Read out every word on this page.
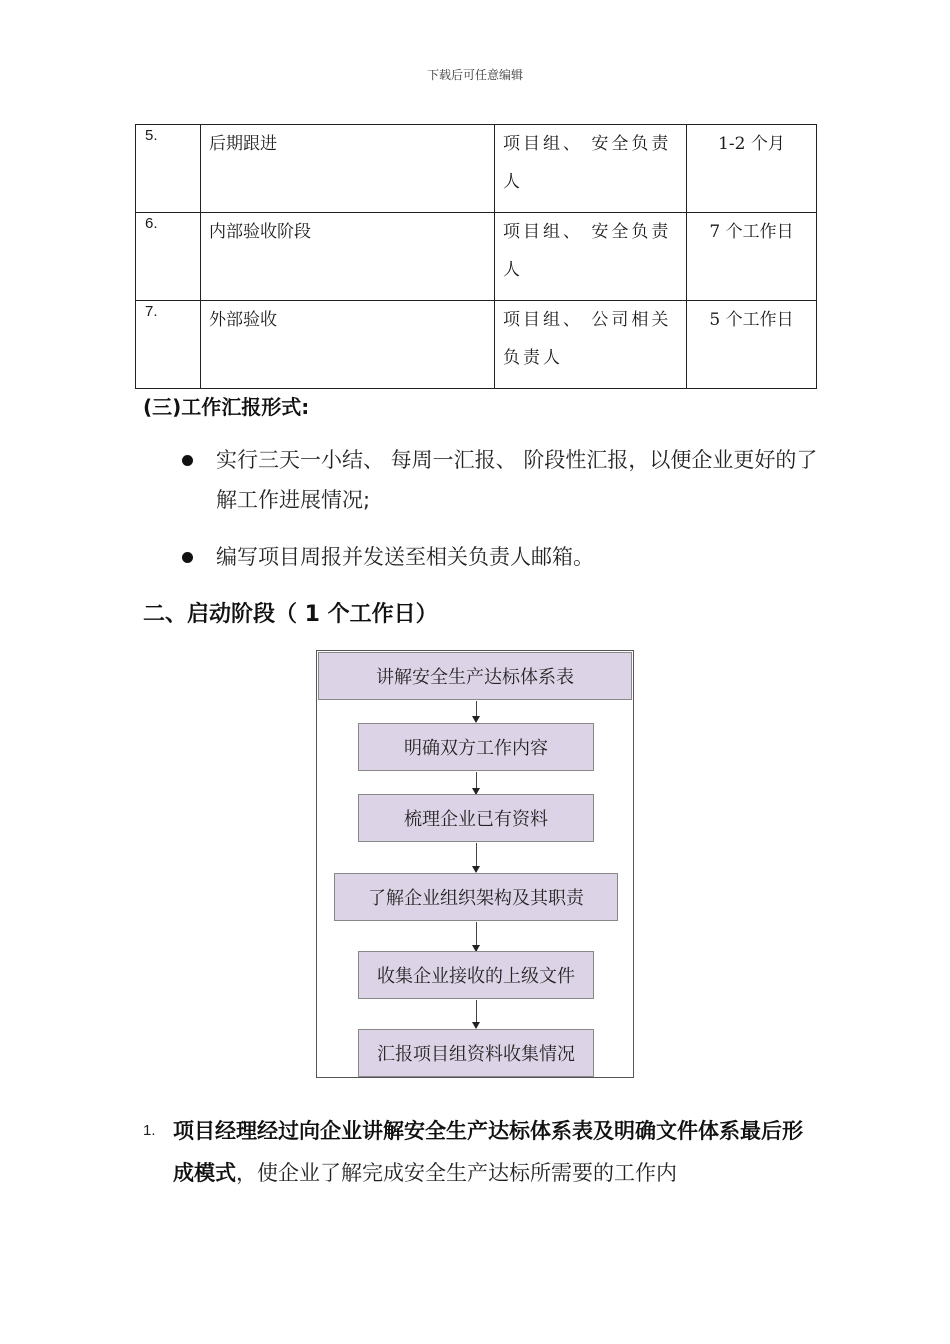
下载后可任意编辑
5.	后期跟进	项目组、 安全负责人	1-2 个月
6.	内部验收阶段	项目组、 安全负责人	7 个工作日
7.	外部验收	项目组、 公司相关负责人	5 个工作日
(三)工作汇报形式:
实行三天一小结、 每周一汇报、 阶段性汇报，以便企业更好的了解工作进展情况;
编写项目周报并发送至相关负责人邮箱。
二、启动阶段（ 1 个工作日）
讲解安全生产达标体系表
明确双方工作内容
梳理企业已有资料
了解企业组织架构及其职责
收集企业接收的上级文件
汇报项目组资料收集情况
1. 项目经理经过向企业讲解安全生产达标体系表及明确文件体系最后形成模式，使企业了解完成安全生产达标所需要的工作内
